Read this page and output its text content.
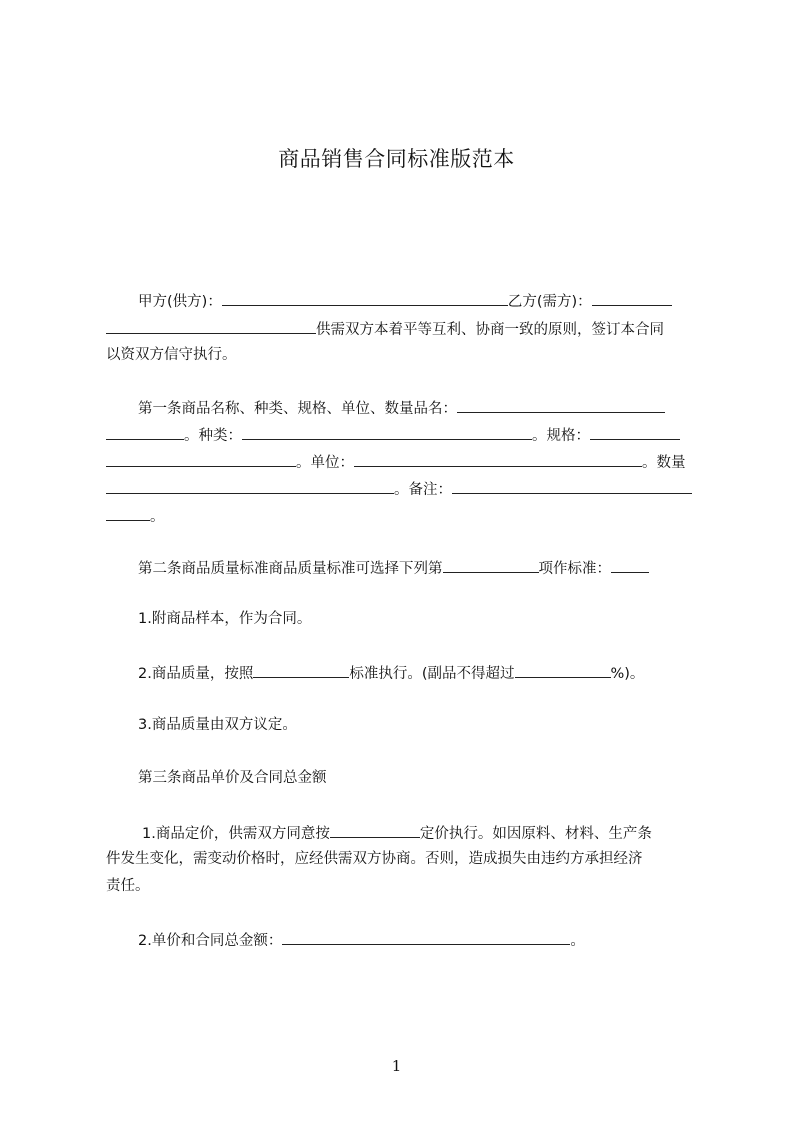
商品销售合同标准版范本
甲方(供方)：	乙方(需方)：
供需双方本着平等互利、协商一致的原则，签订本合同
以资双方信守执行。
第一条商品名称、种类、规格、单位、数量品名：
。种类：	。规格：
。单位：	。数量
。备注：
。
第二条商品质量标准商品质量标准可选择下列第	项作标准：
1.附商品样本，作为合同。
2.商品质量，按照	标准执行。(副品不得超过	%)。
3.商品质量由双方议定。
第三条商品单价及合同总金额
1.商品定价，供需双方同意按	定价执行。如因原料、材料、生产条
件发生变化，需变动价格时，应经供需双方协商。否则，造成损失由违约方承担经济
责任。
2.单价和合同总金额：	。
1
